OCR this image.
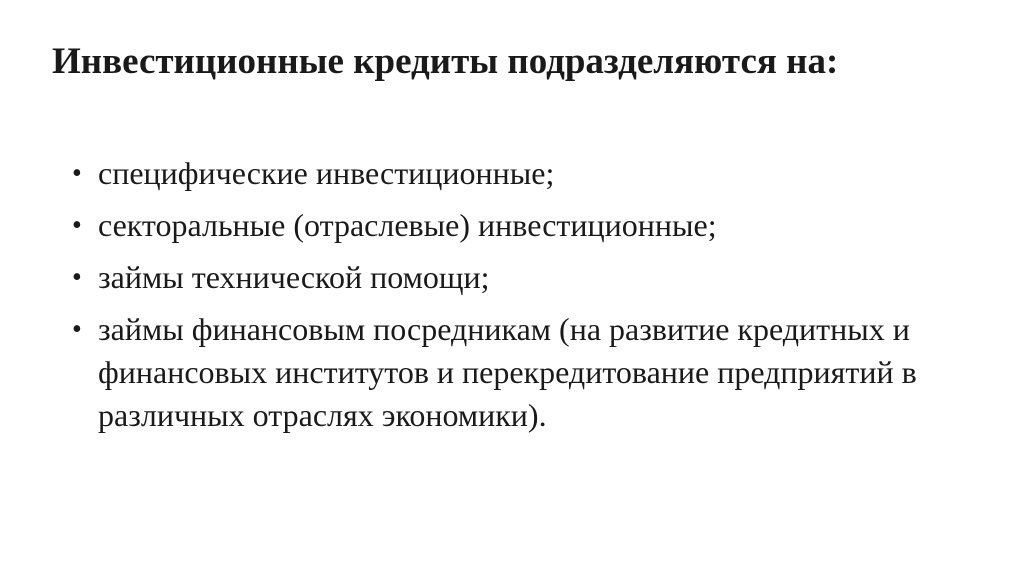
Инвестиционные кредиты подразделяются на:
• специфические инвестиционные;
• секторальные (отраслевые) инвестиционные;
• займы технической помощи;
• займы финансовым посредникам (на развитие кредитных и финансовых институтов и перекредитование предприятий в различных отраслях экономики).
